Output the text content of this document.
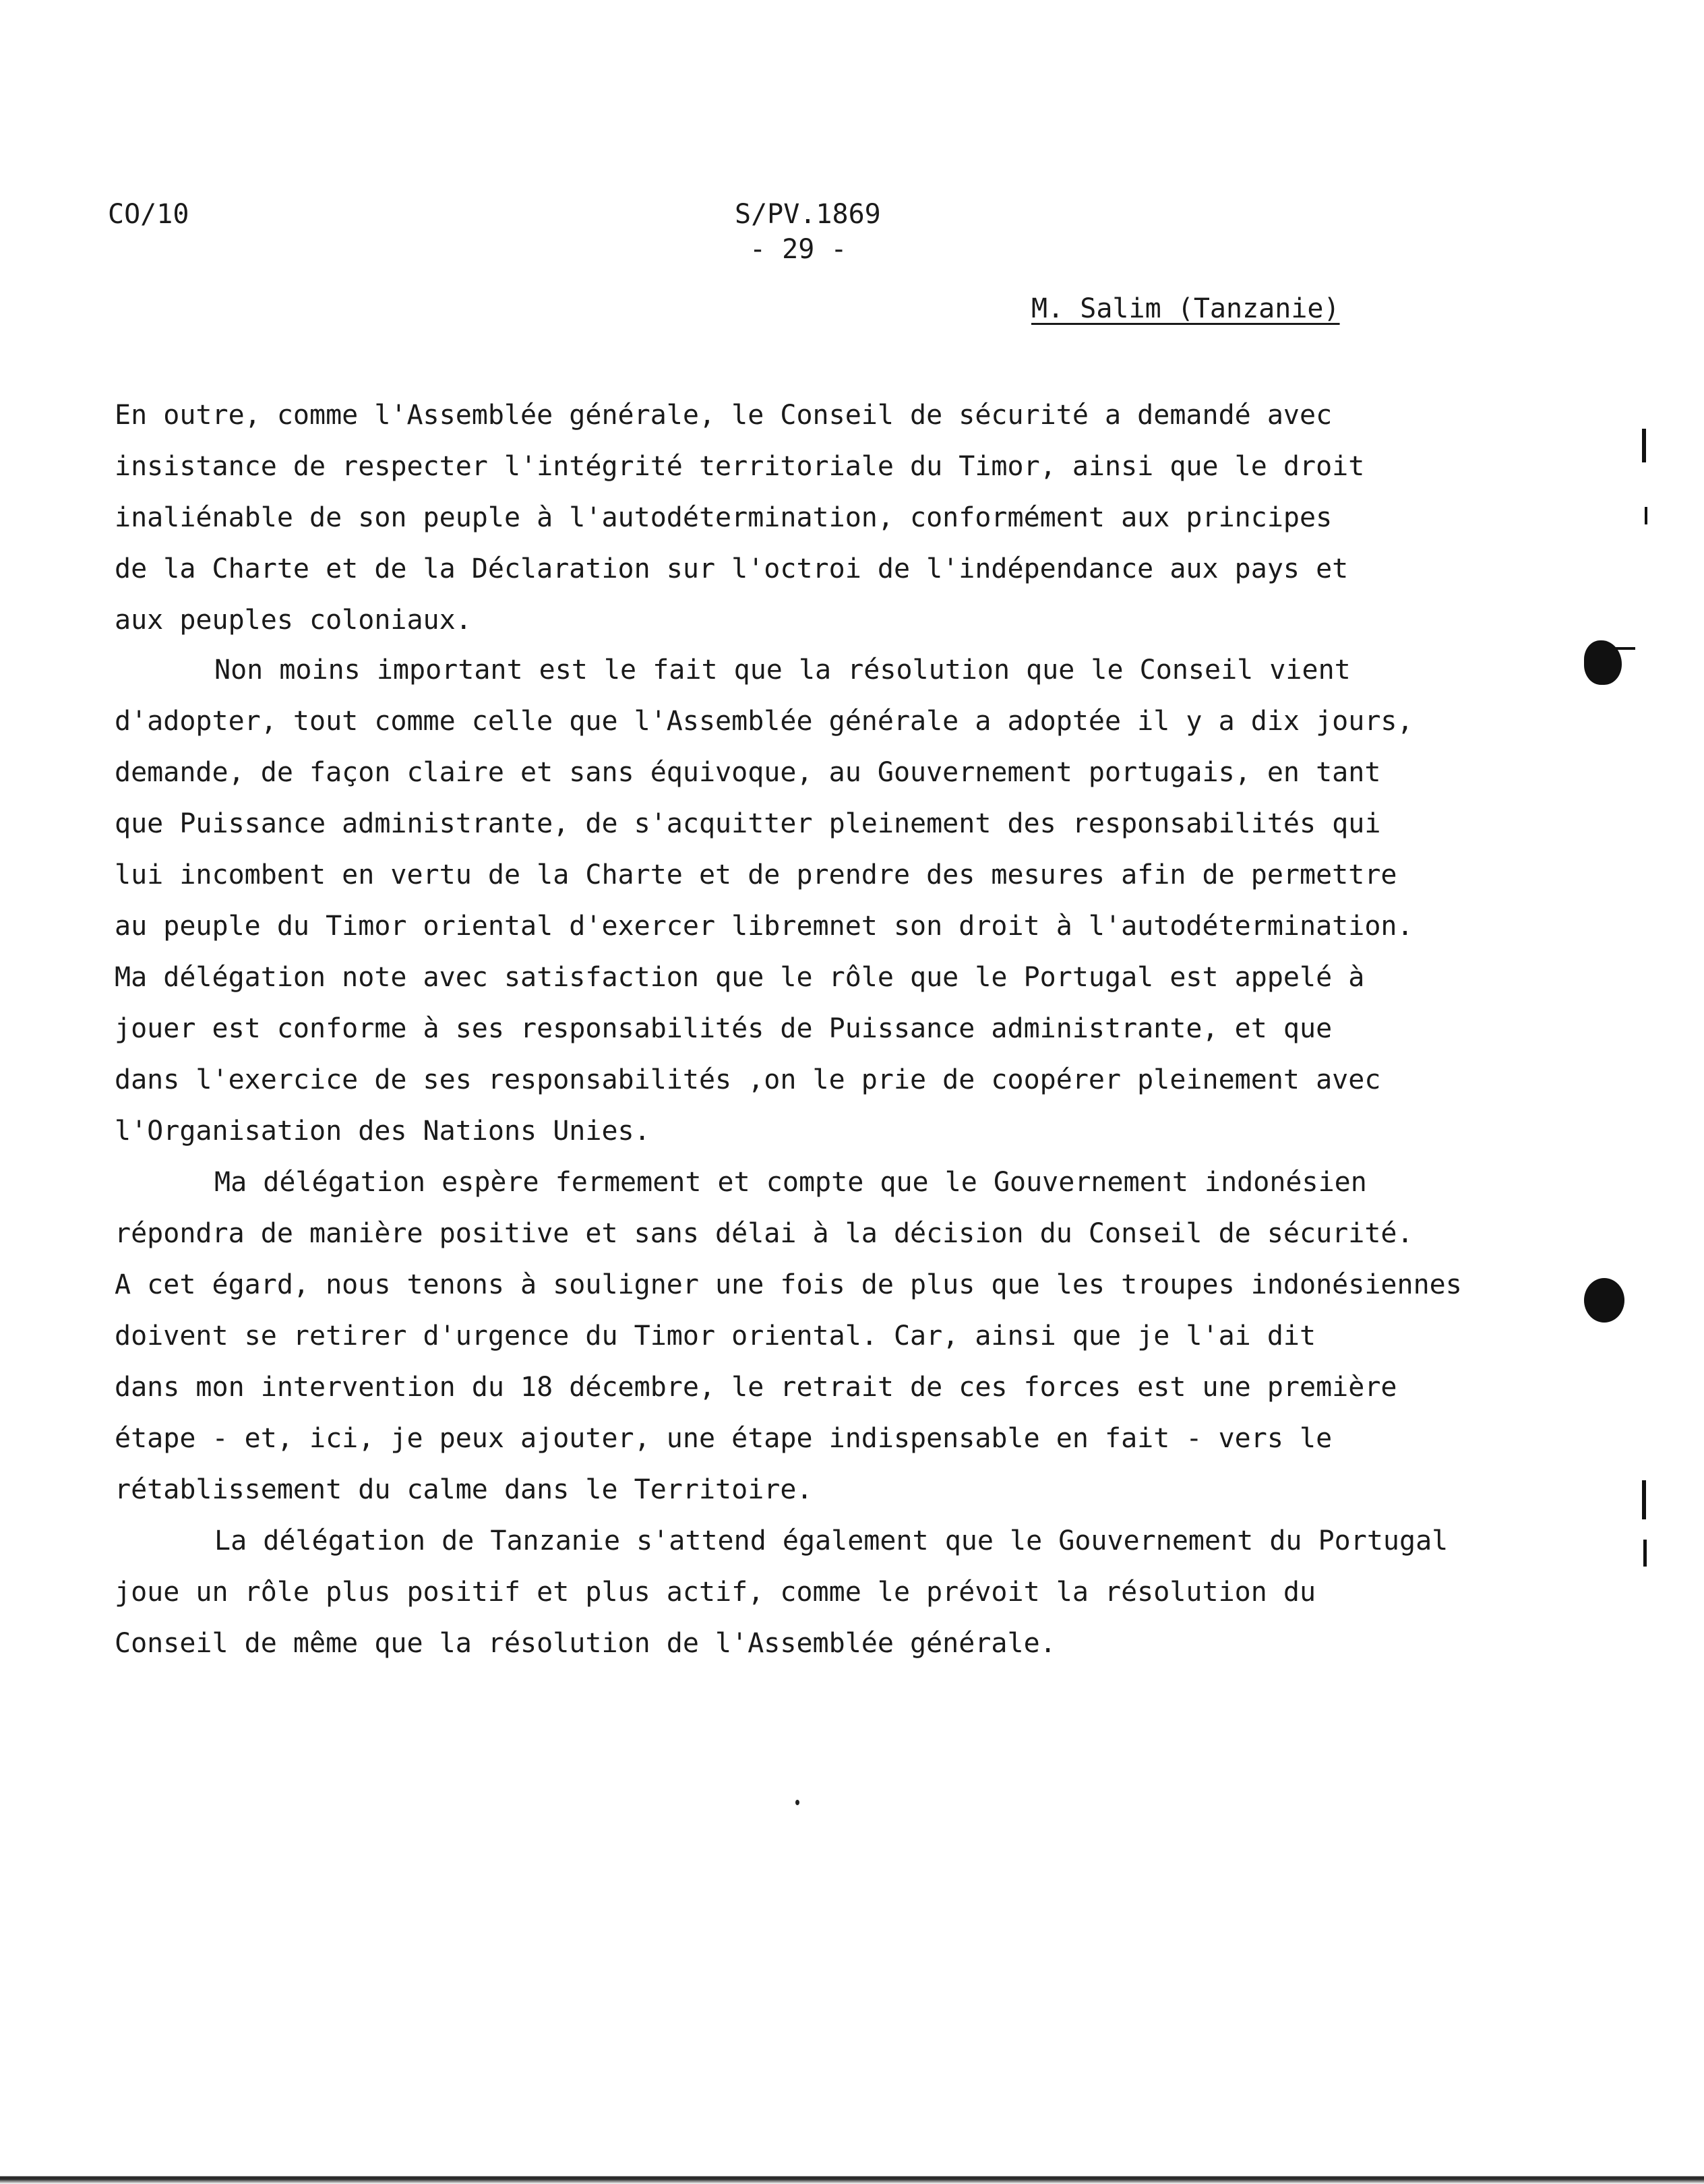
CO/10	S/PV.1869
- 29 -
M. Salim (Tanzanie)
En outre, comme l'Assemblée générale, le Conseil de sécurité a demandé avec
insistance de respecter l'intégrité territoriale du Timor, ainsi que le droit
inaliénable de son peuple à l'autodétermination, conformément aux principes
de la Charte et de la Déclaration sur l'octroi de l'indépendance aux pays et
aux peuples coloniaux.
Non moins important est le fait que la résolution que le Conseil vient
d'adopter, tout comme celle que l'Assemblée générale a adoptée il y a dix jours,
demande, de façon claire et sans équivoque, au Gouvernement portugais, en tant
que Puissance administrante, de s'acquitter pleinement des responsabilités qui
lui incombent en vertu de la Charte et de prendre des mesures afin de permettre
au peuple du Timor oriental d'exercer libremnet son droit à l'autodétermination.
Ma délégation note avec satisfaction que le rôle que le Portugal est appelé à
jouer est conforme à ses responsabilités de Puissance administrante, et que
dans l'exercice de ses responsabilités ,on le prie de coopérer pleinement avec
l'Organisation des Nations Unies.
Ma délégation espère fermement et compte que le Gouvernement indonésien
répondra de manière positive et sans délai à la décision du Conseil de sécurité.
A cet égard, nous tenons à souligner une fois de plus que les troupes indonésiennes
doivent se retirer d'urgence du Timor oriental. Car, ainsi que je l'ai dit
dans mon intervention du 18 décembre, le retrait de ces forces est une première
étape - et, ici, je peux ajouter, une étape indispensable en fait - vers le
rétablissement du calme dans le Territoire.
La délégation de Tanzanie s'attend également que le Gouvernement du Portugal
joue un rôle plus positif et plus actif, comme le prévoit la résolution du
Conseil de même que la résolution de l'Assemblée générale.
